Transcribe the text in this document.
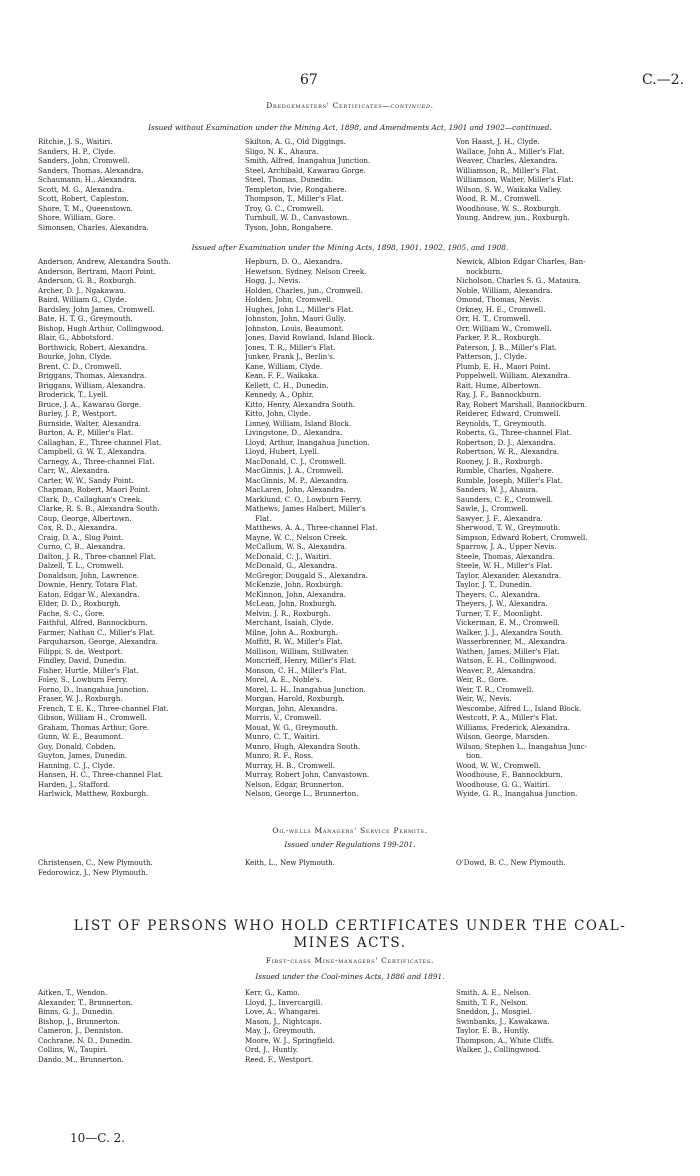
67	C.—2.
Dredgemasters' Certificates—continued.
Issued without Examination under the Mining Act, 1898, and Amendments Act, 1901 and 1902—continued.
Ritchie, J. S., Waitiri.
Sanders, H. P., Clyde.
Sanders, John, Cromwell.
Sanders, Thomas, Alexandra.
Schaumann, H., Alexandra.
Scott, M. G., Alexandra.
Scott, Robert, Capleston.
Shore, T. M., Queenstown.
Shore, William, Gore.
Simonsen, Charles, Alexandra.
Skilton, A. G., Old Diggings.
Sligo, N. K., Ahaura.
Smith, Alfred, Inangahua Junction.
Steel, Archibald, Kawarau Gorge.
Steel, Thomas, Dunedin.
Templeton, Ivie, Rongahere.
Thompson, T., Miller's Flat.
Troy, G. C., Cromwell.
Turnbull, W. D., Canvastown.
Tyson, John, Rongahere.
Von Haast, J. H., Clyde.
Wallace, John A., Miller's Flat.
Weaver, Charles, Alexandra.
Williamson, R., Miller's Flat.
Williamson, Walter, Miller's Flat.
Wilson, S. W., Waikaka Valley.
Wood, R. M., Cromwell.
Woodhouse, W. S., Roxburgh.
Young, Andrew, jun., Roxburgh.
Issued after Examination under the Mining Acts, 1898, 1901, 1902, 1905, and 1908.
Anderson, Andrew, Alexandra South.
Anderson, Bertram, Maori Point.
Anderson, G. B., Roxburgh.
Archer, D. J., Ngakawau.
Baird, William G., Clyde.
Bardsley, John James, Cromwell.
Bate, H. T. G., Greymouth.
Bishop, Hugh Arthur, Collingwood.
Blair, G., Abbotsford.
Borthwick, Robert, Alexandra.
Bourke, John, Clyde.
Brent, C. D., Cromwell.
Briggans, Thomas, Alexandra.
Briggans, William, Alexandra.
Broderick, T., Lyell.
Bruce, J. A., Kawarau Gorge.
Burley, J. P., Westport.
Burnside, Walter, Alexandra.
Burton, A. P., Miller's Flat.
Callaghan, E., Three channel Flat.
Campbell, G. W. T., Alexandra.
Carnegy, A., Three-channel Flat.
Carr, W., Alexandra.
Carter, W. W., Sandy Point.
Chapman, Robert, Maori Point.
Clark, D., Callaghan's Creek.
Clarke, R. S. B., Alexandra South.
Coup, George, Albertown.
Cox, R. D., Alexandra.
Craig, D. A., Slug Point.
Curno, C. B., Alexandra.
Dalton, J. R., Three-channel Flat.
Dalzell, T. L., Cromwell.
Donaldson, John, Lawrence.
Downie, Henry, Totara Flat.
Eaton, Edgar W., Alexandra.
Elder, D. D., Roxburgh.
Fache, S. C., Gore.
Faithful, Alfred, Bannockburn.
Farmer, Nathan C., Miller's Flat.
Farquharson, George, Alexandra.
Filippi, S. de, Westport.
Findley, David, Dunedin.
Fisher, Hurtle, Miller's Flat.
Foley, S., Lowburn Ferry.
Forno, D., Inangahua Junction.
Fraser, W. J., Roxburgh.
French, T. E. K., Three-channel Flat.
Gibson, William H., Cromwell.
Graham, Thomas Arthur, Gore.
Gunn, W. E., Beaumont.
Guy, Donald, Cobden.
Guyton, James, Dunedin.
Hanning, C. J., Clyde.
Hansen, H. C., Three-channel Flat.
Harden, J., Stafford.
Harlwick, Matthew, Roxburgh.
Hepburn, D. O., Alexandra.
Hewetson, Sydney, Nelson Creek.
Hogg, J., Nevis.
Holden, Charles, jun., Cromwell.
Holden, John, Cromwell.
Hughes, John L., Miller's Flat.
Johnston, John, Maori Gully.
Johnston, Louis, Beaumont.
Jones, David Rowland, Island Block.
Jones, T. R., Miller's Flat.
Junker, Frank J., Berlin's.
Kane, William, Clyde.
Kean, F. F., Waikaka.
Kellett, C. H., Dunedin.
Kennedy, A., Ophir.
Kitto, Henry, Alexandra South.
Kitto, John, Clyde.
Linney, William, Island Block.
Livingstone, D., Alexandra.
Lloyd, Arthur, Inangahua Junction.
Lloyd, Hubert, Lyell.
MacDonald, C. J., Cromwell.
MacGinnis, J. A., Cromwell.
MacGinnis, M. P., Alexandra.
MacLaren, John, Alexandra.
Marklund, C. O., Lowburn Ferry.
Mathews, James Halbert, Miller's
Flat.
Matthews, A. A., Three-channel Flat.
Mayne, W. C., Nelson Creek.
McCallum, W. S., Alexandra.
McDonald, C. J., Waitiri.
McDonald, G., Alexandra.
McGregor, Dougald S., Alexandra.
McKenzie, John, Roxburgh.
McKinnon, John, Alexandra.
McLean, John, Roxburgh.
Melvin, J. R., Roxburgh.
Merchant, Isaiah, Clyde.
Milne, John A., Roxburgh.
Moffitt, R. W., Miller's Flat.
Mollison, William, Stillwater.
Moncrieff, Henry, Miller's Flat.
Monson, C. H., Miller's Flat.
Morel, A. E., Noble's.
Morel, L. H., Inangahua Junction.
Morgan, Harold, Roxburgh.
Morgan, John, Alexandra.
Morris, V., Cromwell.
Mouat, W. G., Greymouth.
Munro, C. T., Waitiri.
Munro, Hugh, Alexandra South.
Munro, R. F., Ross.
Murray, H. B., Cromwell.
Murray, Robert John, Canvastown.
Nelson, Edgar, Brunnerton.
Nelson, George L., Brunnerton.
Newick, Albion Edgar Charles, Ban-
nockburn.
Nicholson, Charles S. G., Mataura.
Noble, William, Alexandra.
Omond, Thomas, Nevis.
Orkney, H. E., Cromwell.
Orr, H. T., Cromwell.
Orr, William W., Cromwell.
Parker, P. R., Roxburgh.
Paterson, J. B., Miller's Flat.
Patterson, J., Clyde.
Plumb, E. H., Maori Point.
Poppelwell, William, Alexandra.
Rait, Hume, Albertown.
Ray, J. F., Bannockburn.
Ray, Robert Marshall, Bannockburn.
Reiderer, Edward, Cromwell.
Reynolds, T., Greymouth.
Roberts, G., Three-channel Flat.
Robertson, D. J., Alexandra.
Robertson, W. R., Alexandra.
Rooney, J. B., Roxburgh.
Rumble, Charles, Ngahere.
Rumble, Joseph, Miller's Flat.
Sanders, W. J., Ahaura.
Saunders, C. E., Cromwell.
Sawle, J., Cromwell.
Sawyer, J. F., Alexandra.
Sherwood, T. W., Greymouth.
Simpson, Edward Robert, Cromwell.
Sparrow, J. A., Upper Nevis.
Steele, Thomas, Alexandra.
Steele, W. H., Miller's Flat.
Taylor, Alexander, Alexandra.
Taylor, J. T., Dunedin.
Theyers, C., Alexandra.
Theyers, J. W., Alexandra.
Turner, T. F., Moonlight.
Vickerman, E. M., Cromwell.
Walker, J. J., Alexandra South.
Wasserbrenner, M., Alexandra.
Wathen, James, Miller's Flat.
Watson, E. H., Collingwood.
Weaver, P., Alexandra.
Weir, R., Gore.
Weir, T. R., Cromwell.
Weir, W., Nevis.
Wescombe, Alfred L., Island Block.
Westcott, P. A., Miller's Flat.
Williams, Frederick, Alexandra.
Wilson, George, Marsden.
Wilson, Stephen L., Inangahua Junc-
tion.
Wood, W. W., Cromwell.
Woodhouse, F., Bannockburn.
Woodhouse, G. G., Waitiri.
Wyide, G. R., Inangahua Junction.
Oil-wells Managers' Service Permits.
Issued under Regulations 199-201.
Christensen, C., New Plymouth.
Fedorowicz, J., New Plymouth.
Keith, L., New Plymouth.	O'Dowd, B. C., New Plymouth.
LIST OF PERSONS WHO HOLD CERTIFICATES UNDER THE COAL-
MINES ACTS.
First-class Mine-managers' Certificates.
Issued under the Coal-mines Acts, 1886 and 1891.
Aitken, T., Wendon.
Alexander, T., Brunnerton.
Binns, G. J., Dunedin.
Bishop, J., Brunnerton.
Cameron, J., Denniston.
Cochrane, N. D., Dunedin.
Collins, W., Taupiri.
Dando, M., Brunnerton.
Kerr, G., Kamo.
Lloyd, J., Invercargill.
Love, A., Whangarei.
Mason, J., Nightcaps.
May, J., Greymouth.
Moore, W. J., Springfield.
Ord, J., Huntly.
Reed, F., Westport.
Smith, A. E., Nelson.
Smith, T. F., Nelson.
Sneddon, J., Mosgiel.
Swinbanks, J., Kawakawa.
Taylor, E. B., Huntly.
Thompson, A., White Cliffs.
Walker, J., Collingwood.
10—C. 2.
